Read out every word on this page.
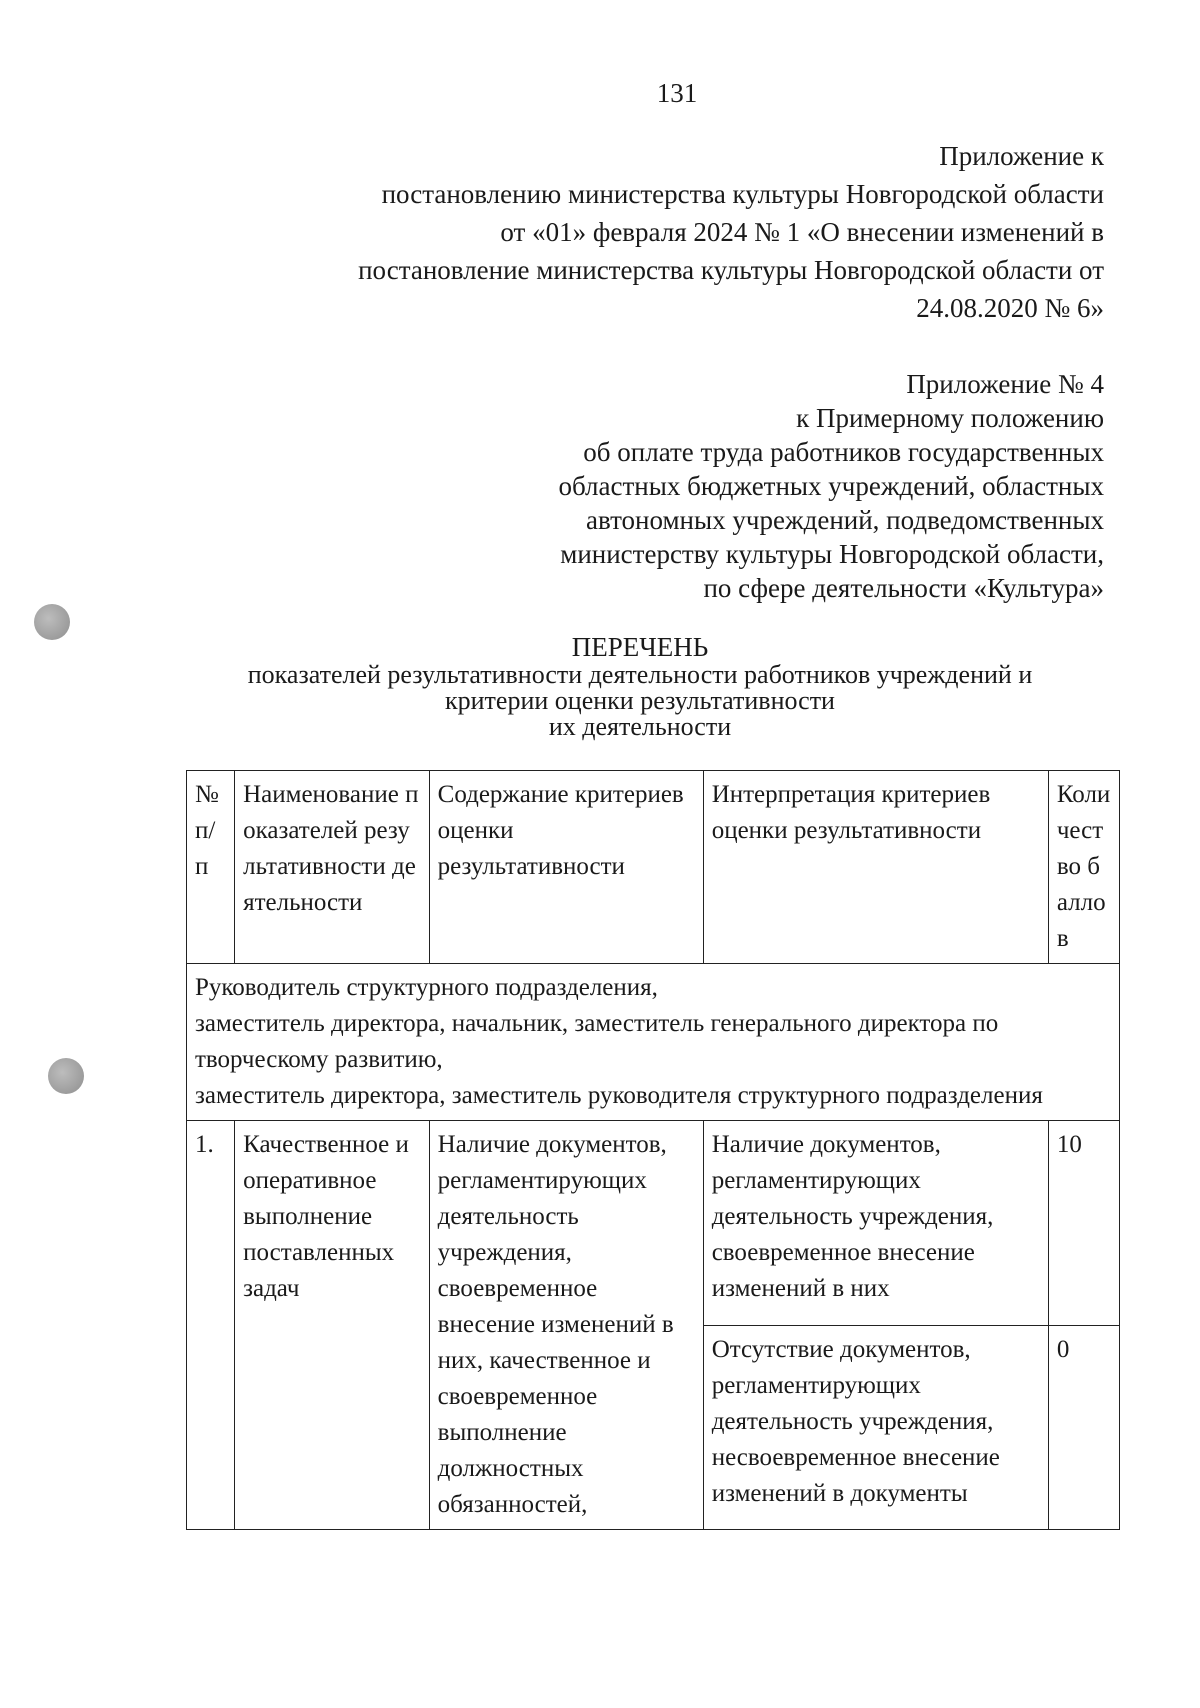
131
Приложение к
постановлению министерства культуры Новгородской области
от «01» февраля 2024 № 1 «О внесении изменений в
постановление министерства культуры Новгородской области от
24.08.2020 № 6»
Приложение № 4
к Примерному положению
об оплате труда работников государственных
областных бюджетных учреждений, областных
автономных учреждений, подведомственных
министерству культуры Новгородской области,
по сфере деятельности «Культура»
ПЕРЕЧЕНЬ
показателей результативности деятельности работников учреждений и
критерии оценки результативности
их деятельности
№ п/п	Наименование показателей результативности деятельности	Содержание критериев оценки результативности	Интерпретация критериев оценки результативности	Количество баллов

Руководитель структурного подразделения,
заместитель директора, начальник, заместитель генерального директора по творческому развитию,
заместитель директора, заместитель руководителя структурного подразделения				

1.	Качественное и оперативное выполнение поставленных задач	Наличие документов, регламентирующих деятельность учреждения, своевременное внесение изменений в них, качественное и своевременное выполнение должностных обязанностей,	Наличие документов, регламентирующих деятельность учреждения, своевременное внесение изменений в них	10
			Отсутствие документов, регламентирующих деятельность учреждения, несвоевременное внесение изменений в документы	0
